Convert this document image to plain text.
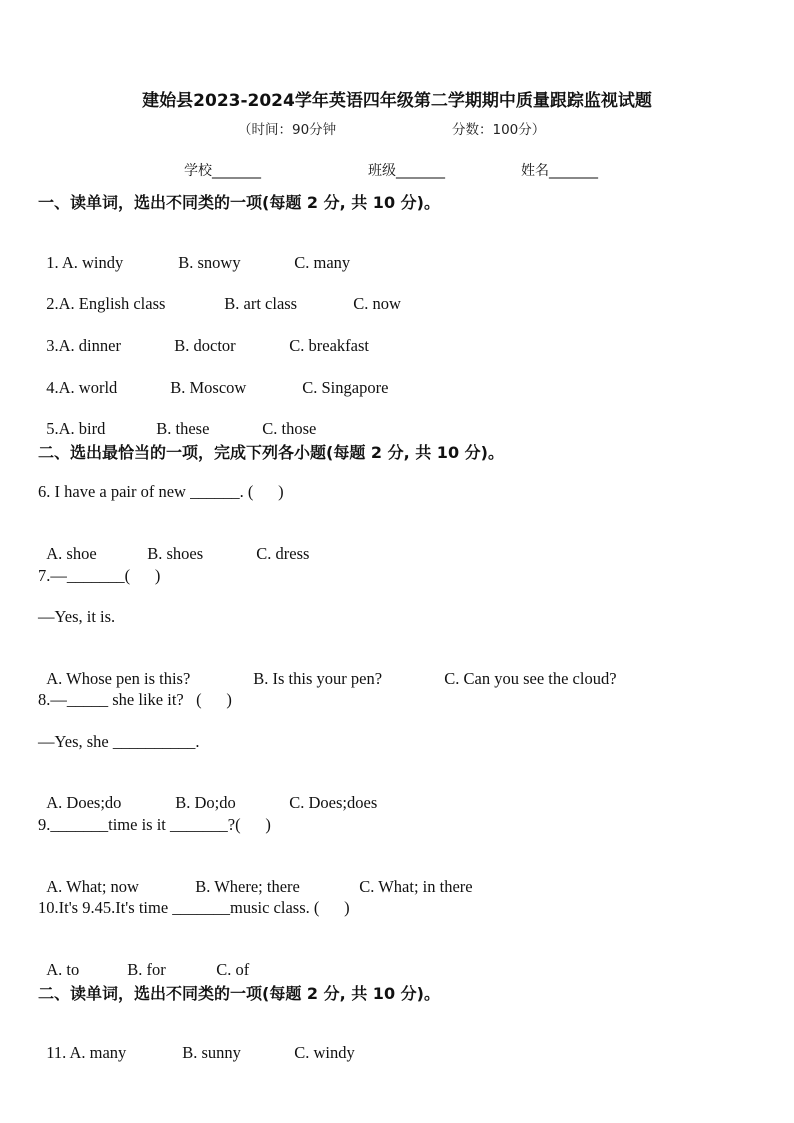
建始县2023-2024学年英语四年级第二学期期中质量跟踪监视试题
（时间：90分钟	分数：100分）
学校_______	班级_______	姓名_______
一、读单词，选出不同类的一项(每题 2 分, 共 10 分)。

1. A. windy	B. snowy	C. many

2.A. English class	B. art class	C. now

3.A. dinner	B. doctor	C. breakfast

4.A. world	B. Moscow	C. Singapore

5.A. bird	B. these	C. those

二、选出最恰当的一项，完成下列各小题(每题 2 分, 共 10 分)。
6. I have a pair of new ______. (      )

A. shoe	B. shoes	C. dress

7.—_______(      )
—Yes, it is.

A. Whose pen is this?	B. Is this your pen?	C. Can you see the cloud?

8.—_____ she like it?   (      )
—Yes, she __________.

A. Does;do	B. Do;do	C. Does;does

9._______time is it _______?(      )

A. What; now	B. Where; there	C. What; in there

10.It's 9.45.It's time _______music class. (      )

A. to	B. for	C. of

二、读单词，选出不同类的一项(每题 2 分, 共 10 分)。

11. A. many	B. sunny	C. windy
